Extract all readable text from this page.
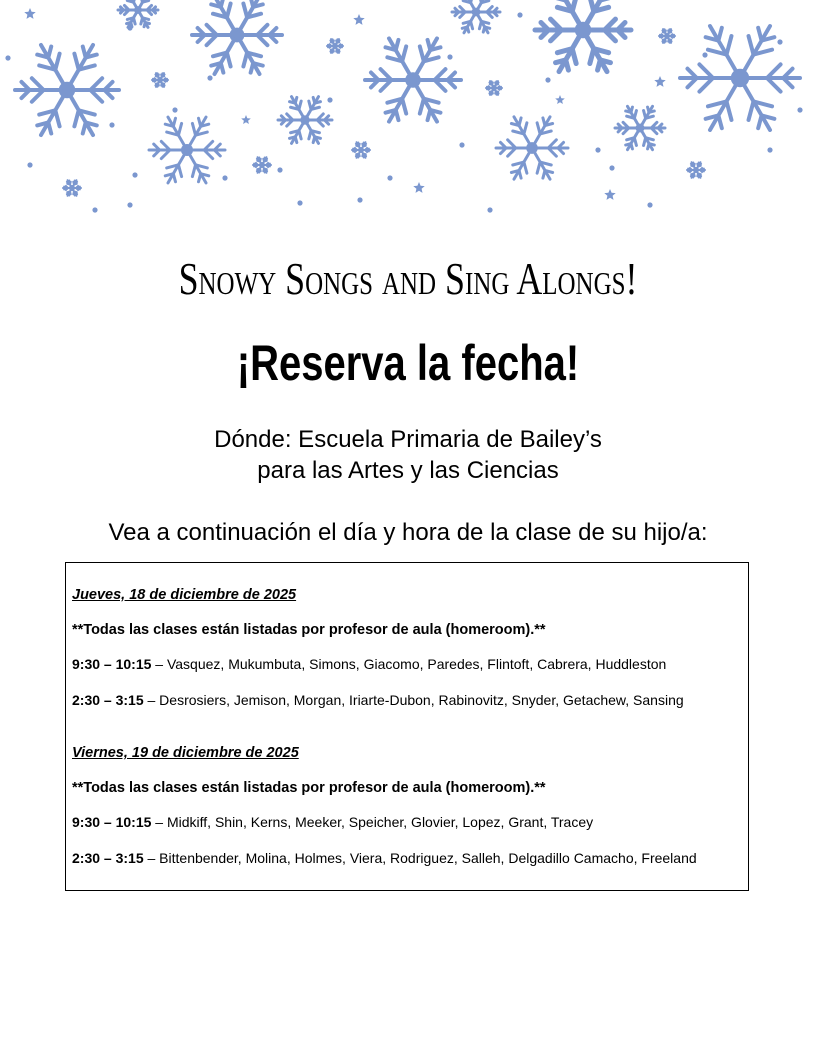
Snowy Songs and Sing Alongs!
¡Reserva la fecha!
Dónde: Escuela Primaria de Bailey’s
para las Artes y las Ciencias
Vea a continuación el día y hora de la clase de su hijo/a:
Jueves, 18 de diciembre de 2025
**Todas las clases están listadas por profesor de aula (homeroom).**
9:30 – 10:15 – Vasquez, Mukumbuta, Simons, Giacomo, Paredes, Flintoft, Cabrera, Huddleston
2:30 – 3:15 – Desrosiers, Jemison, Morgan, Iriarte-Dubon, Rabinovitz, Snyder, Getachew, Sansing
Viernes, 19 de diciembre de 2025
**Todas las clases están listadas por profesor de aula (homeroom).**
9:30 – 10:15 – Midkiff, Shin, Kerns, Meeker, Speicher, Glovier, Lopez, Grant, Tracey
2:30 – 3:15 – Bittenbender, Molina, Holmes, Viera, Rodriguez, Salleh, Delgadillo Camacho, Freeland
